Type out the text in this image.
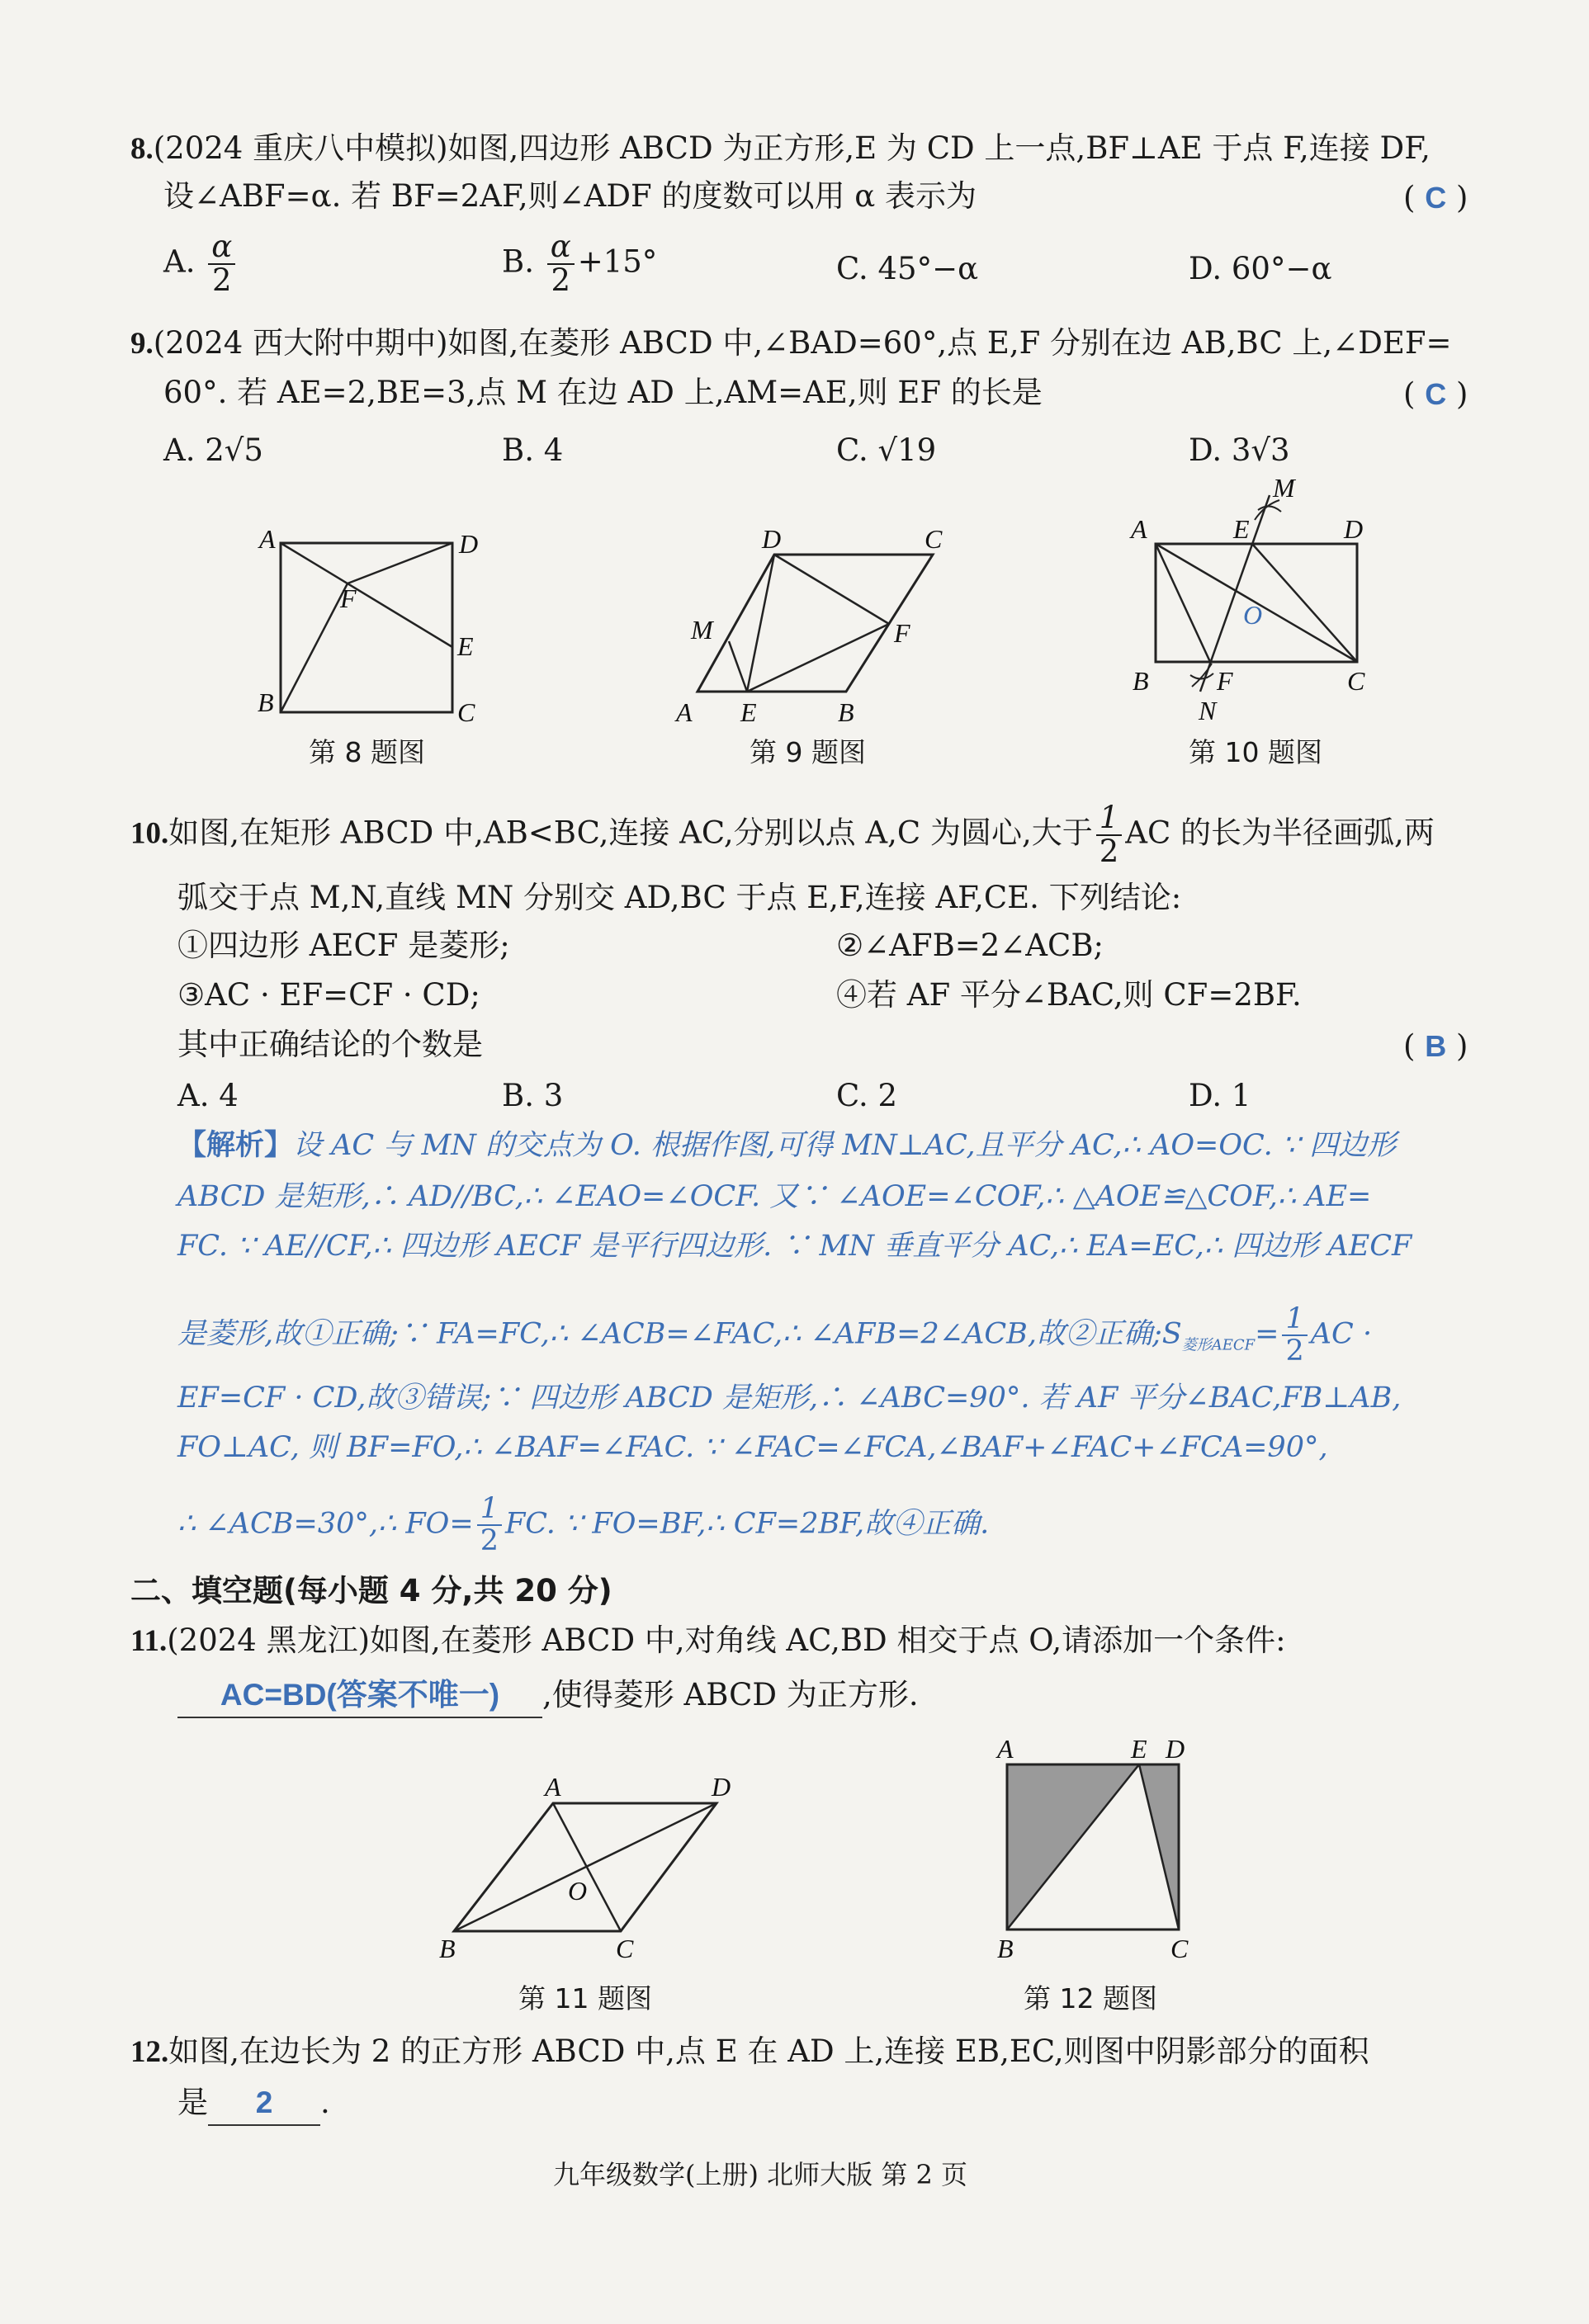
8.(2024 重庆八中模拟)如图,四边形 ABCD 为正方形,E 为 CD 上一点,BF⊥AE 于点 F,连接 DF,
设∠ABF=α. 若 BF=2AF,则∠ADF 的度数可以用 α 表示为	( C )
A. $\frac{\alpha}{2}$	B. $\frac{\alpha}{2} +15^\circ$	C. 45°−α	D. 60°−α
9.(2024 西大附中期中)如图,在菱形 ABCD 中,∠BAD=60°,点 E,F 分别在边 AB,BC 上,∠DEF=
60°. 若 AE=2,BE=3,点 M 在边 AD 上,AM=AE,则 EF 的长是	( C )
A. 2√5	B. 4	C. √19	D. 3√3
A	D
F
E
B	C
第 8 题图
D	C
M	F
A E	B
第 9 题图
M
A	E	D
O
B	F	C
N
第 10 题图
10.如图,在矩形 ABCD 中,AB<BC,连接 AC,分别以点 A,C 为圆心,大于 $\frac{1}{2}$ AC 的长为半径画弧,两
弧交于点 M,N,直线 MN 分别交 AD,BC 于点 E,F,连接 AF,CE. 下列结论:
①四边形 AECF 是菱形;	②∠AFB=2∠ACB;
③AC · EF=CF · CD;	④若 AF 平分∠BAC,则 CF=2BF.
其中正确结论的个数是	( B )
A. 4	B. 3	C. 2	D. 1
【解析】设 AC 与 MN 的交点为 O. 根据作图,可得 MN⊥AC,且平分 AC,∴ AO=OC. ∵ 四边形
ABCD 是矩形,∴ AD//BC,∴ ∠EAO=∠OCF. 又∵ ∠AOE=∠COF,∴ △AOE≌△COF,∴ AE=
FC. ∵ AE//CF,∴ 四边形 AECF 是平行四边形. ∵ MN 垂直平分 AC,∴ EA=EC,∴ 四边形 AECF
是菱形,故①正确;∵ FA=FC,∴ ∠ACB=∠FAC,∴ ∠AFB=2∠ACB,故②正确$;S_{菱形AECF}= \frac{1}{2}$ AC ·
EF=CF · CD,故③错误;∵ 四边形 ABCD 是矩形,∴ ∠ABC=90°. 若 AF 平分∠BAC,FB⊥AB,
FO⊥AC, 则 BF=FO,∴ ∠BAF=∠FAC. ∵ ∠FAC=∠FCA,∠BAF+∠FAC+∠FCA=90°,
∴ ∠ACB=30°,∴ $FO= \frac{1}{2}$ FC. ∵ FO=BF,∴ CF=2BF,故④正确.
二、填空题(每小题 4 分,共 20 分)
11.(2024 黑龙江)如图,在菱形 ABCD 中,对角线 AC,BD 相交于点 O,请添加一个条件:
AC=BD(答案不唯一) ,使得菱形 ABCD 为正方形.
A	D
O
B	C
第 11 题图
A	E D
B	C
第 12 题图
12.如图,在边长为 2 的正方形 ABCD 中,点 E 在 AD 上,连接 EB,EC,则图中阴影部分的面积
是 2 .
九年级数学(上册) 北师大版 第 2 页
